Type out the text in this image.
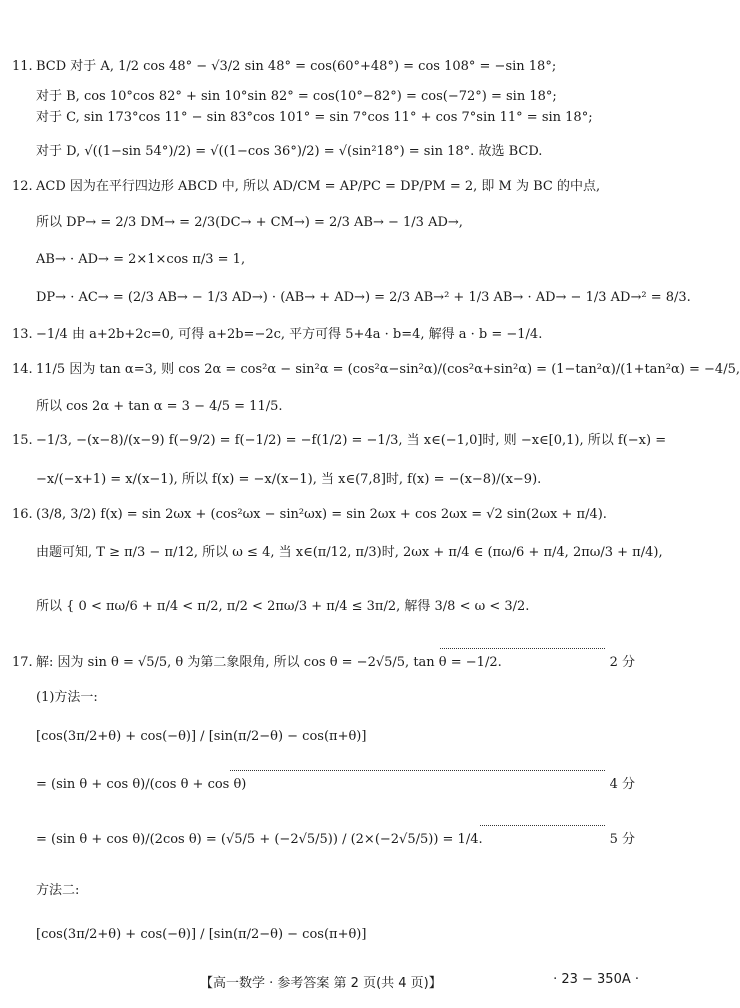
11. BCD 对于 A, 1/2 cos 48° − √3/2 sin 48° = cos(60°+48°) = cos 108° = −sin 18°;
对于 B, cos 10°cos 82° + sin 10°sin 82° = cos(10°−82°) = cos(−72°) = sin 18°;
对于 C, sin 173°cos 11° − sin 83°cos 101° = sin 7°cos 11° + cos 7°sin 11° = sin 18°;
对于 D, √((1−sin 54°)/2) = √((1−cos 36°)/2) = √(sin²18°) = sin 18°. 故选 BCD.
12. ACD 因为在平行四边形 ABCD 中, 所以 AD/CM = AP/PC = DP/PM = 2, 即 M 为 BC 的中点,
所以 DP→ = 2/3 DM→ = 2/3(DC→ + CM→) = 2/3 AB→ − 1/3 AD→,
AB→ · AD→ = 2×1×cos π/3 = 1,
DP→ · AC→ = (2/3 AB→ − 1/3 AD→) · (AB→ + AD→) = 2/3 AB→² + 1/3 AB→ · AD→ − 1/3 AD→² = 8/3.
13. −1/4 由 a+2b+2c=0, 可得 a+2b=−2c, 平方可得 5+4a · b=4, 解得 a · b = −1/4.
14. 11/5 因为 tan α=3, 则 cos 2α = cos²α − sin²α = (cos²α−sin²α)/(cos²α+sin²α) = (1−tan²α)/(1+tan²α) = −4/5,
所以 cos 2α + tan α = 3 − 4/5 = 11/5.
15. −1/3, −(x−8)/(x−9) f(−9/2) = f(−1/2) = −f(1/2) = −1/3, 当 x∈(−1,0]时, 则 −x∈[0,1), 所以 f(−x) =
−x/(−x+1) = x/(x−1), 所以 f(x) = −x/(x−1), 当 x∈(7,8]时, f(x) = −(x−8)/(x−9).
16. (3/8, 3/2) f(x) = sin 2ωx + (cos²ωx − sin²ωx) = sin 2ωx + cos 2ωx = √2 sin(2ωx + π/4).
由题可知, T ≥ π/3 − π/12, 所以 ω ≤ 4, 当 x∈(π/12, π/3)时, 2ωx + π/4 ∈ (πω/6 + π/4, 2πω/3 + π/4),
所以 { 0 < πω/6 + π/4 < π/2, π/2 < 2πω/3 + π/4 ≤ 3π/2, 解得 3/8 < ω < 3/2.
17. 解: 因为 sin θ = √5/5, θ 为第二象限角, 所以 cos θ = −2√5/5, tan θ = −1/2.	2 分
(1)方法一:
[cos(3π/2+θ) + cos(−θ)] / [sin(π/2−θ) − cos(π+θ)]
= (sin θ + cos θ)/(cos θ + cos θ)	4 分
= (sin θ + cos θ)/(2cos θ) = (√5/5 + (−2√5/5)) / (2×(−2√5/5)) = 1/4.	5 分
方法二:
[cos(3π/2+θ) + cos(−θ)] / [sin(π/2−θ) − cos(π+θ)]
【高一数学 · 参考答案 第 2 页(共 4 页)】	· 23 − 350A ·
